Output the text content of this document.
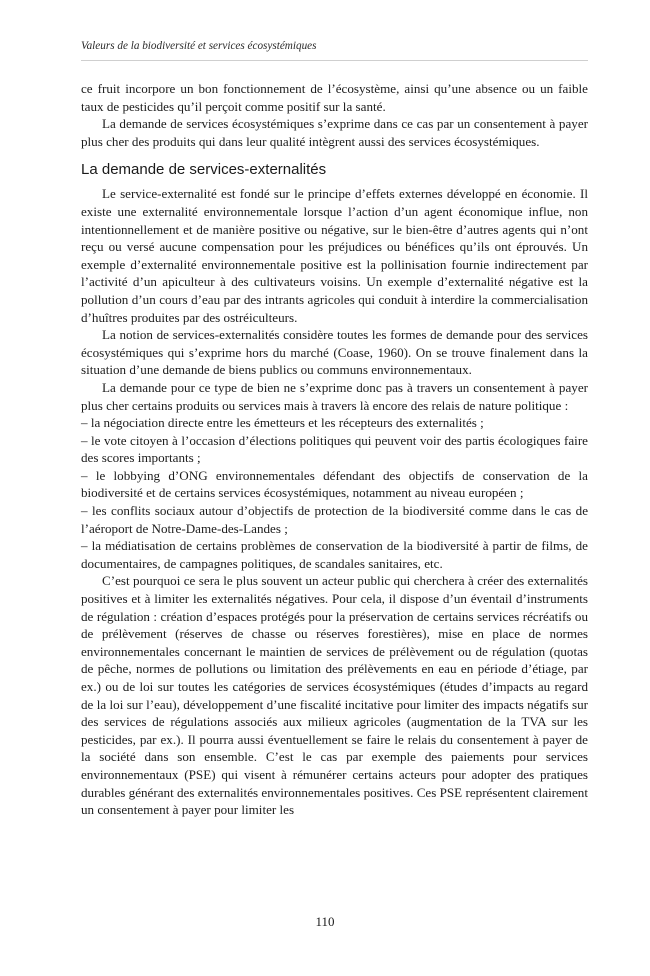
Valeurs de la biodiversité et services écosystémiques

ce fruit incorpore un bon fonctionnement de l’écosystème, ainsi qu’une absence ou un faible taux de pesticides qu’il perçoit comme positif sur la santé.

La demande de services écosystémiques s’exprime dans ce cas par un consentement à payer plus cher des produits qui dans leur qualité intègrent aussi des services écosystémiques.

La demande de services-externalités

Le service-externalité est fondé sur le principe d’effets externes développé en économie. Il existe une externalité environnementale lorsque l’action d’un agent économique influe, non intentionnellement et de manière positive ou négative, sur le bien-être d’autres agents qui n’ont reçu ou versé aucune compensation pour les préjudices ou bénéfices qu’ils ont éprouvés. Un exemple d’externalité environnementale positive est la pollinisation fournie indirectement par l’activité d’un apiculteur à des cultivateurs voisins. Un exemple d’externalité négative est la pollution d’un cours d’eau par des intrants agricoles qui conduit à interdire la commercialisation d’huîtres produites par des ostréiculteurs.

La notion de services-externalités considère toutes les formes de demande pour des services écosystémiques qui s’exprime hors du marché (Coase, 1960). On se trouve finalement dans la situation d’une demande de biens publics ou communs environnementaux.

La demande pour ce type de bien ne s’exprime donc pas à travers un consentement à payer plus cher certains produits ou services mais à travers là encore des relais de nature politique :

– la négociation directe entre les émetteurs et les récepteurs des externalités ;
– le vote citoyen à l’occasion d’élections politiques qui peuvent voir des partis écologiques faire des scores importants ;
– le lobbying d’ONG environnementales défendant des objectifs de conservation de la biodiversité et de certains services écosystémiques, notamment au niveau européen ;
– les conflits sociaux autour d’objectifs de protection de la biodiversité comme dans le cas de l’aéroport de Notre-Dame-des-Landes ;
– la médiatisation de certains problèmes de conservation de la biodiversité à partir de films, de documentaires, de campagnes politiques, de scandales sanitaires, etc.

C’est pourquoi ce sera le plus souvent un acteur public qui cherchera à créer des externalités positives et à limiter les externalités négatives. Pour cela, il dispose d’un éventail d’instruments de régulation : création d’espaces protégés pour la préservation de certains services récréatifs ou de prélèvement (réserves de chasse ou réserves forestières), mise en place de normes environnementales concernant le maintien de services de prélèvement ou de régulation (quotas de pêche, normes de pollutions ou limitation des prélèvements en eau en période d’étiage, par ex.) ou de loi sur toutes les catégories de services écosystémiques (études d’impacts au regard de la loi sur l’eau), développement d’une fiscalité incitative pour limiter des impacts négatifs sur des services de régulations associés aux milieux agricoles (augmentation de la TVA sur les pesticides, par ex.). Il pourra aussi éventuellement se faire le relais du consentement à payer de la société dans son ensemble. C’est le cas par exemple des paiements pour services environnementaux (PSE) qui visent à rémunérer certains acteurs pour adopter des pratiques durables générant des externalités environnementales positives. Ces PSE représentent clairement un consentement à payer pour limiter les

110
